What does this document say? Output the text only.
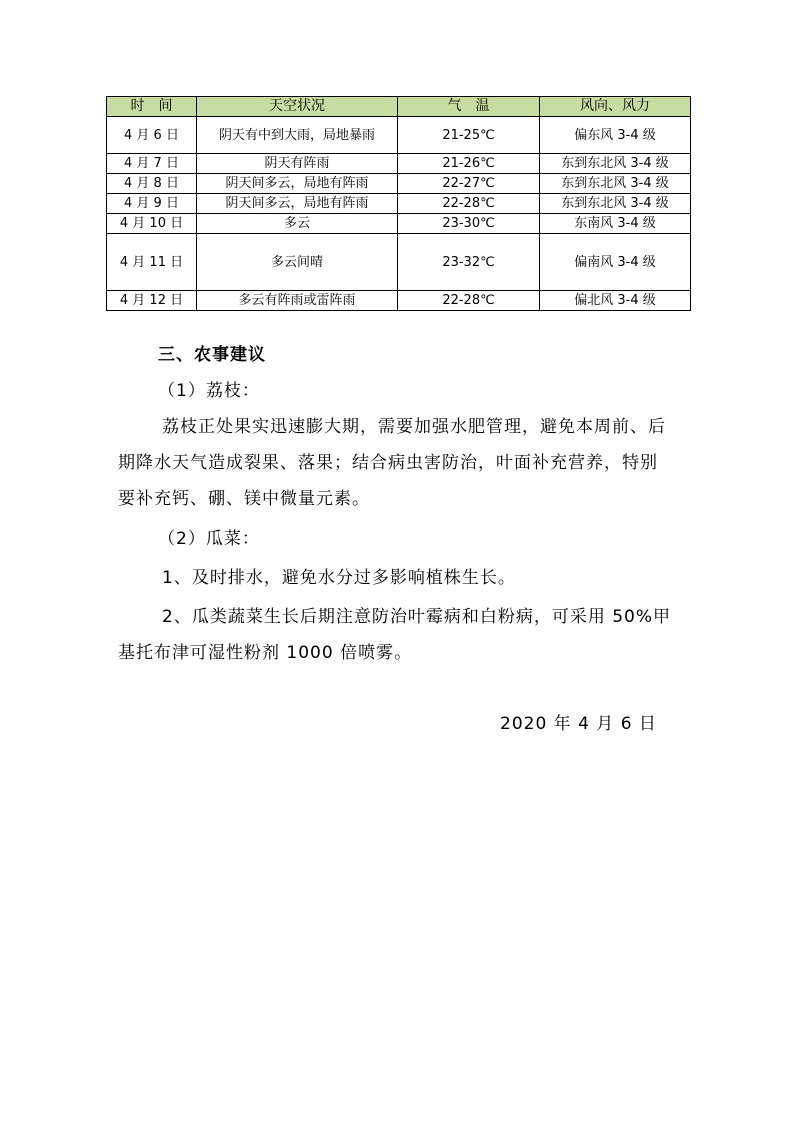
时　间	天空状况	气　温	风向、风力
4 月 6 日	阴天有中到大雨，局地暴雨	21-25℃	偏东风 3-4 级
4 月 7 日	阴天有阵雨	21-26℃	东到东北风 3-4 级
4 月 8 日	阴天间多云，局地有阵雨	22-27℃	东到东北风 3-4 级
4 月 9 日	阴天间多云，局地有阵雨	22-28℃	东到东北风 3-4 级
4 月 10 日	多云	23-30℃	东南风 3-4 级
4 月 11 日	多云间晴	23-32℃	偏南风 3-4 级
4 月 12 日	多云有阵雨或雷阵雨	22-28℃	偏北风 3-4 级
三、农事建议
（1）荔枝：
荔枝正处果实迅速膨大期，需要加强水肥管理，避免本周前、后期降水天气造成裂果、落果；结合病虫害防治，叶面补充营养，特别要补充钙、硼、镁中微量元素。
（2）瓜菜：
1、及时排水，避免水分过多影响植株生长。
2、瓜类蔬菜生长后期注意防治叶霉病和白粉病，可采用 50%甲基托布津可湿性粉剂 1000 倍喷雾。
2020 年 4 月 6 日
